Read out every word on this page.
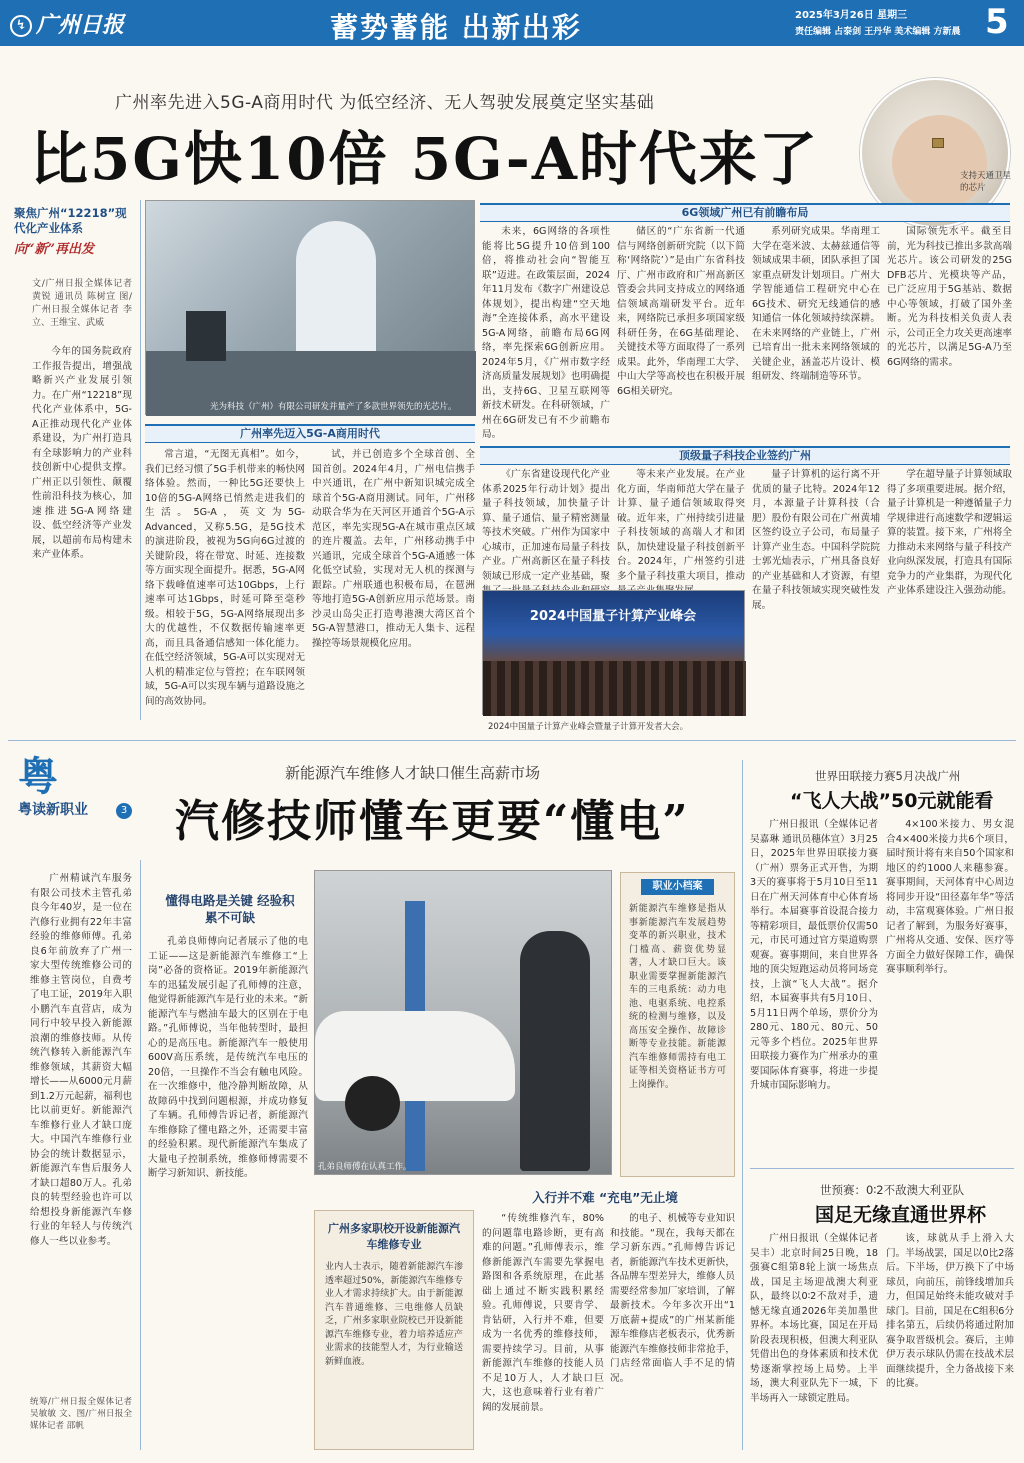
↯ 广州日报	蓄势蓄能 出新出彩	2025年3月26日 星期三
责任编辑 占泰剑 王丹华 美术编辑 方新晨 5
广州率先进入5G-A商用时代 为低空经济、无人驾驶发展奠定坚实基础
比5G快10倍 5G-A时代来了	支持天通卫星的芯片
聚焦广州“12218”现代化产业体系
向“新”再出发
文/广州日报全媒体记者 黄锐 通讯员 陈树宣 图/广州日报全媒体记者 李立、王维宝、武威

今年的国务院政府工作报告提出，增强战略新兴产业发展引领力。在广州“12218”现代化产业体系中，5G-A正推动现代化产业体系建设，为广州打造具有全球影响力的产业科技创新中心提供支撑。广州正以引领性、颠覆性前沿科技为核心，加速推进5G-A网络建设、低空经济等产业发展，以超前布局构建未来产业体系。

光为科技（广州）有限公司研发并量产了多款世界领先的光芯片。
广州率先迈入5G-A商用时代

常言道，“无图无真相”。如今，我们已经习惯了5G手机带来的畅快网络体验。然而，一种比5G还要快上10倍的5G-A网络已悄然走进我们的生活。5G-A，英文为5G-Advanced，又称5.5G，是5G技术的演进阶段，被视为5G向6G过渡的关键阶段，将在带宽、时延、连接数等方面实现全面提升。据悉，5G-A网络下载峰值速率可达10Gbps，上行速率可达1Gbps，时延可降至毫秒级。相较于5G，5G-A网络展现出多大的优越性，不仅数据传输速率更高，而且具备通信感知一体化能力。在低空经济领域，5G-A可以实现对无人机的精准定位与管控；在车联网领域，5G-A可以实现车辆与道路设施之间的高效协同。

试，并已创造多个全球首创、全国首创。2024年4月，广州电信携手中兴通讯，在广州中新知识城完成全球首个5G-A商用测试。同年，广州移动联合华为在天河区开通首个5G-A示范区，率先实现5G-A在城市重点区域的连片覆盖。去年，广州移动携手中兴通讯，完成全球首个5G-A通感一体化低空试验，实现对无人机的探测与跟踪。广州联通也积极布局，在琶洲等地打造5G-A创新应用示范场景。南沙灵山岛尖正打造粤港澳大湾区首个5G-A智慧港口，推动无人集卡、远程操控等场景规模化应用。

6G领域广州已有前瞻布局

未来，6G网络的各项性能将比5G提升10倍到100倍，将推动社会向“智能互联”迈进。在政策层面，2024年11月发布《数字广州建设总体规划》，提出构建“空天地海”全连接体系，高水平建设5G-A网络，前瞻布局6G网络，率先探索6G创新应用。2024年5月，《广州市数字经济高质量发展规划》也明确提出，支持6G、卫星互联网等新技术研发。在科研领域，广州在6G研发已有不少前瞻布局。

储区的“广东省新一代通信与网络创新研究院（以下简称‘网络院’）”是由广东省科技厅、广州市政府和广州高新区管委会共同支持成立的网络通信领域高端研发平台。近年来，网络院已承担多项国家级科研任务，在6G基础理论、关键技术等方面取得了一系列成果。此外，华南理工大学、中山大学等高校也在积极开展6G相关研究。

系列研究成果。华南理工大学在毫米波、太赫兹通信等领域成果丰硕，团队承担了国家重点研发计划项目。广州大学智能通信工程研究中心在6G技术、研究无线通信的感知通信一体化领域持续深耕。在未来网络的产业链上，广州已培育出一批未来网络领域的关键企业，涵盖芯片设计、模组研发、终端制造等环节。

国际领先水平。截至目前，光为科技已推出多款高端光芯片。该公司研发的25G DFB芯片、光模块等产品，已广泛应用于5G基站、数据中心等领域，打破了国外垄断。光为科技相关负责人表示，公司正全力攻关更高速率的光芯片，以满足5G-A乃至6G网络的需求。

顶级量子科技企业签约广州

《广东省建设现代化产业体系2025年行动计划》提出量子科技领域，加快量子计算、量子通信、量子精密测量等技术突破。广州作为国家中心城市，正加速布局量子科技产业。广州高新区在量子科技领域已形成一定产业基础，聚

等未来产业发展。在产业化方面，华南师范大学在量子计算、量子通信领域取得突破。近年来，广州持续引进量子科技领域的高端人才和团队，加快建设量子科技创新平台。2024年，广州签约引进多个量子科技重大项目，推动

量子计算机的运行离不开优质的量子比特。2024年12月，本源量子计算科技（合肥）股份有限公司在广州黄埔区签约设立子公司，布局量子计算产业生态。中国科学院院士郭光灿表示，广州具备良好的产业基础和人才资源，有望在量子科技领域实现突破性发展。

学在超导量子计算领域取得了多项重要进展。据介绍，量子计算机是一种遵循量子力学规律进行高速数学和逻辑运算的装置。接下来，广州将全力推动未来网络与量子科技产业向纵深发展，打造具有国际竞争力的产业集群，为现代化产业体系建设注入强劲动能。

2024中国量子计算产业峰会
2024中国量子计算产业峰会暨量子计算开发者大会。
粤
粤读新职业	3
新能源汽车维修人才缺口催生高薪市场
汽修技师懂车更要“懂电”

广州精诚汽车服务有限公司技术主管孔弟良今年40岁，是一位在汽修行业拥有22年丰富经验的维修师傅。孔弟良6年前放弃了广州一家大型传统维修公司的维修主管岗位，自费考了电工证，2019年入职小鹏汽车直营店，成为同行中较早投入新能源浪潮的维修技师。从传统汽修转入新能源汽车维修领域，其薪资大幅增长——从6000元月薪到1.2万元起薪，福利也比以前更好。新能源汽车维修行业人才缺口庞大。中国汽车维修行业协会的统计数据显示，新能源汽车售后服务人才缺口超80万人。孔弟良的转型经验也许可以给想投身新能源汽车修行业的年轻人与传统汽修人一些以业参考。

统筹/广州日报全媒体记者 吴敏敏 文、图/广州日报全媒体记者 邵帆
懂得电路是关键 经验积累不可缺

孔弟良师傅向记者展示了他的电工证——这是新能源汽车维修工“上岗”必备的资格证。2019年新能源汽车的迅猛发展引起了孔师傅的注意，他觉得新能源汽车是行业的未来。“新能源汽车与燃油车最大的区别在于电路。”孔师傅说，当年他转型时，最担心的是高压电。新能源汽车一般使用600V高压系统，是传统汽车电压的20倍，一旦操作不当会有触电风险。在一次维修中，他冷静判断故障，从故障码中找到问题根源，并成功修复了车辆。孔师傅告诉记者，新能源汽车维修除了懂电路之外，还需要丰富的经验积累。现代新能源汽车集成了大量电子控制系统，维修师傅需要不断学习新知识、新技能。

职业小档案
新能源汽车维修是指从事新能源汽车发展趋势变革的新兴职业，技术门槛高、薪资优势显著，人才缺口巨大。该职业需要掌握新能源汽车的三电系统：动力电池、电驱系统、电控系统的检测与维修，以及高压安全操作、故障诊断等专业技能。新能源汽车维修师需持有电工证等相关资格证书方可上岗操作。
孔弟良师傅在认真工作。
入行并不难 “充电”无止境
广州多家职校开设新能源汽车维修专业
业内人士表示，随着新能源汽车渗透率超过50%，新能源汽车维修专业人才需求持续扩大。由于新能源汽车普通维修、三电维修人员缺乏，广州多家职业院校已开设新能源汽车维修专业，着力培养适应产业需求的技能型人才，为行业输送新鲜血液。

“传统维修汽车，80%的问题靠电路诊断，更有高难的问题。”孔师傅表示，维修新能源汽车需要先掌握电路图和各系统原理，在此基础上通过不断实践积累经验。孔师傅说，只要肯学、肯钻研，入行并不难，但要成为一名优秀的维修技师，需要持续学习。目前，从事新能源汽车维修的技能人员不足10万人，人才缺口巨大，这也意味着行业有着广阔的发展前景。

的电子、机械等专业知识和技能。“现在，我每天都在学习新东西。”孔师傅告诉记者，新能源汽车技术更新快，各品牌车型差异大，维修人员需要经常参加厂家培训，了解最新技术。今年多次开出“1万底薪+提成”的广州某新能源车维修店老板表示，优秀新能源汽车维修技师非常抢手，门店经常面临人手不足的情况。

世界田联接力赛5月决战广州
“飞人大战”50元就能看

广州日报讯（全媒体记者吴嘉琳 通讯员穗体宣）3月25日，2025年世界田联接力赛（广州）票务正式开售，为期3天的赛事将于5月10日至11日在广州天河体育中心体育场举行。本届赛事首设混合接力等精彩项目，最低票价仅需50元，市民可通过官方渠道购票观赛。赛事期间，来自世界各地的顶尖短跑运动员将同场竞技，上演“飞人大战”。据介绍，本届赛事共有5月10日、5月11日两个单场，票价分为280元、180元、80元、50元等多个档位。2025年世界田联接力赛作为广州承办的重要国际体育赛事，将进一步提升城市国际影响力。

4×100米接力、男女混合4×400米接力共6个项目，届时预计将有来自50个国家和地区的约1000人来穗参赛。赛事期间，天河体育中心周边将同步开设“田径嘉年华”等活动，丰富观赛体验。广州日报记者了解到，为服务好赛事，广州将从交通、安保、医疗等方面全力做好保障工作，确保赛事顺利举行。

世预赛：0∶2不敌澳大利亚队
国足无缘直通世界杯

广州日报讯（全媒体记者吴丰）北京时间25日晚，18强赛C组第8轮上演一场焦点战，国足主场迎战澳大利亚队，最终以0∶2不敌对手，遗憾无缘直通2026年美加墨世界杯。本场比赛，国足在开局阶段表现积极，但澳大利亚队凭借出色的身体素质和技术优势逐渐掌控场上局势。上半场，澳大利亚队先下一城，下半场再入一球锁定胜局。

该，球就从手上滑入大门。半场战罢，国足以0比2落后。下半场，伊万换下了中场球员，向前压，前锋线增加兵力，但国足始终未能攻破对手球门。目前，国足在C组积6分排名第五，后续仍将通过附加赛争取晋级机会。赛后，主帅伊万表示球队仍需在技战术层面继续提升，全力备战接下来的比赛。
